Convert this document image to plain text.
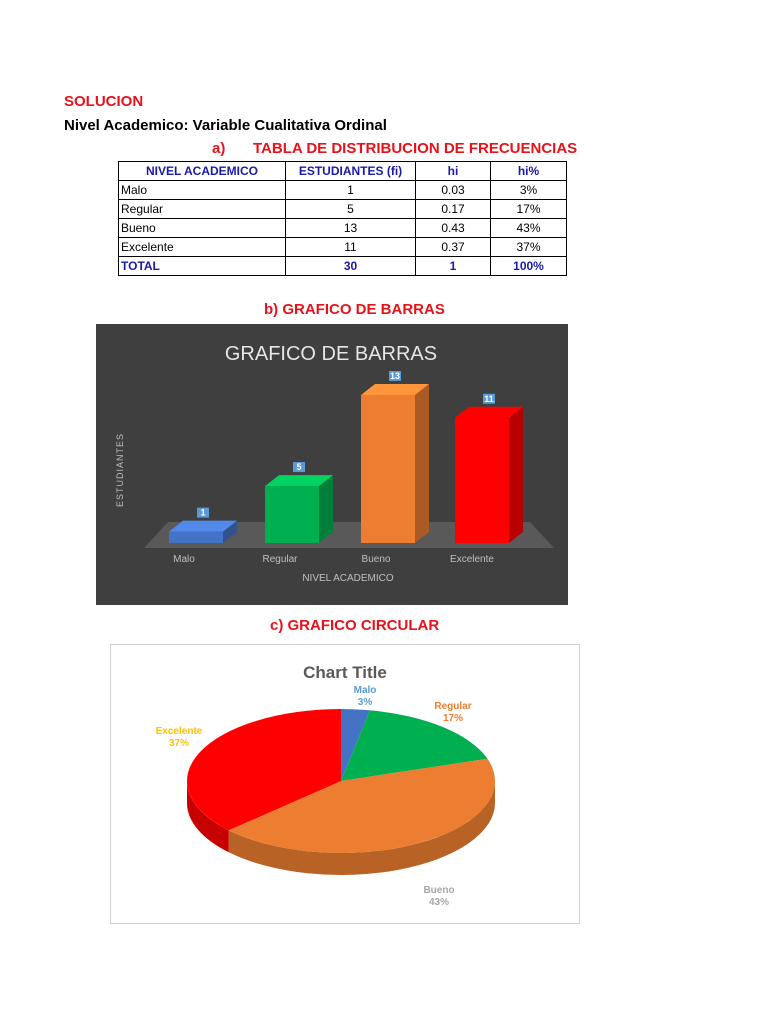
SOLUCION
Nivel Academico: Variable Cualitativa Ordinal
a) TABLA DE DISTRIBUCION DE FRECUENCIAS
NIVEL ACADEMICO	ESTUDIANTES (fi)	hi	hi%
Malo	1	0.03	3%
Regular	5	0.17	17%
Bueno	13	0.43	43%
Excelente	11	0.37	37%
TOTAL	30	1	100%
b) GRAFICO DE BARRAS
GRAFICO DE BARRAS
ESTUDIANTES
NIVEL ACADEMICO
1
Malo
5
Regular
13
Bueno
11
Excelente
c) GRAFICO CIRCULAR
Chart Title
Malo
3%	Regular
17%
Bueno
43%
Excelente
37%
